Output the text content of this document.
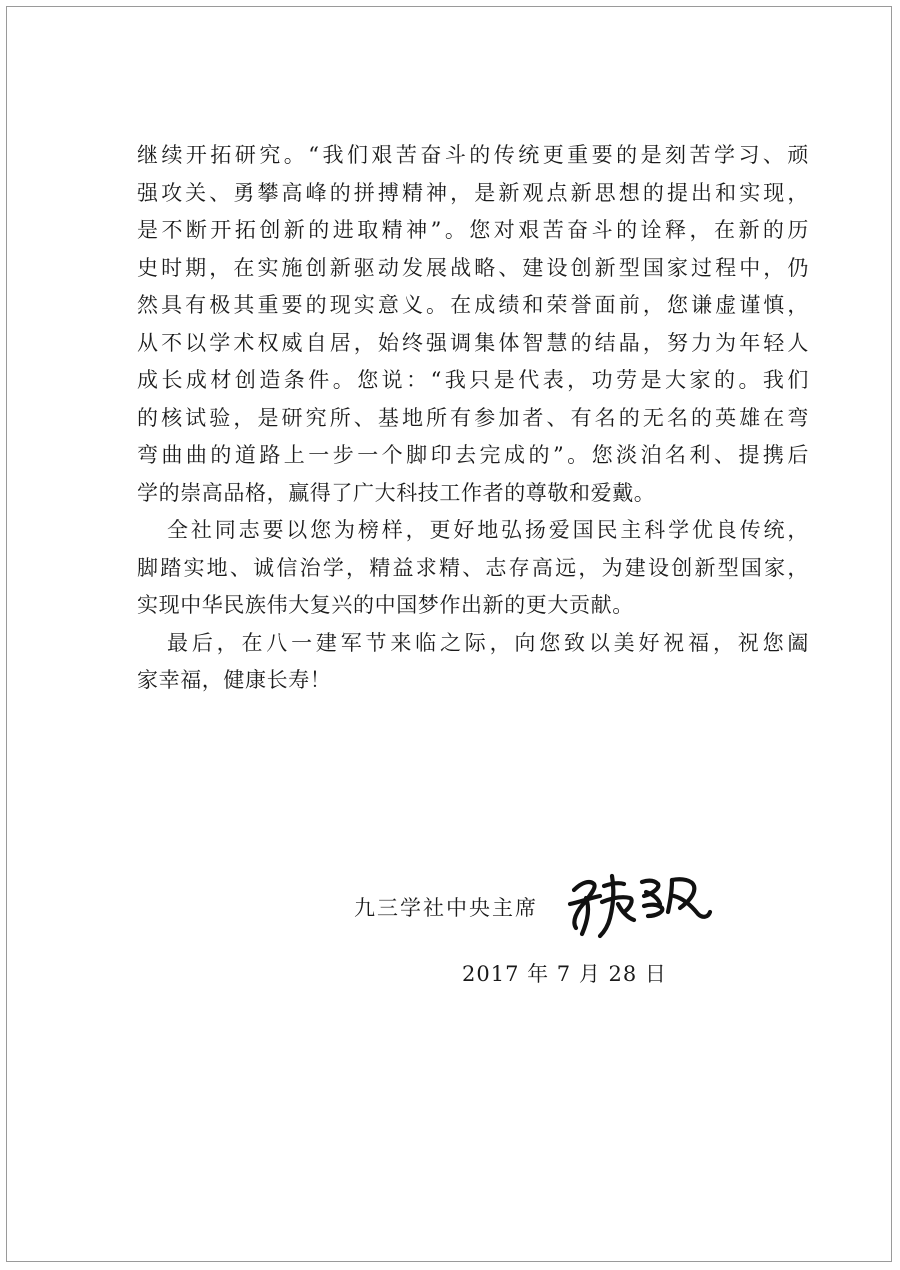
继续开拓研究。“我们艰苦奋斗的传统更重要的是刻苦学习、顽
强攻关、勇攀高峰的拼搏精神，是新观点新思想的提出和实现，
是不断开拓创新的进取精神”。您对艰苦奋斗的诠释，在新的历
史时期，在实施创新驱动发展战略、建设创新型国家过程中，仍
然具有极其重要的现实意义。在成绩和荣誉面前，您谦虚谨慎，
从不以学术权威自居，始终强调集体智慧的结晶，努力为年轻人
成长成材创造条件。您说：“我只是代表，功劳是大家的。我们
的核试验，是研究所、基地所有参加者、有名的无名的英雄在弯
弯曲曲的道路上一步一个脚印去完成的”。您淡泊名利、提携后
学的崇高品格，赢得了广大科技工作者的尊敬和爱戴。

全社同志要以您为榜样，更好地弘扬爱国民主科学优良传统，
脚踏实地、诚信治学，精益求精、志存高远，为建设创新型国家，
实现中华民族伟大复兴的中国梦作出新的更大贡献。

最后，在八一建军节来临之际，向您致以美好祝福，祝您阖
家幸福，健康长寿！

九三学社中央主席
2017 年 7 月 28 日
